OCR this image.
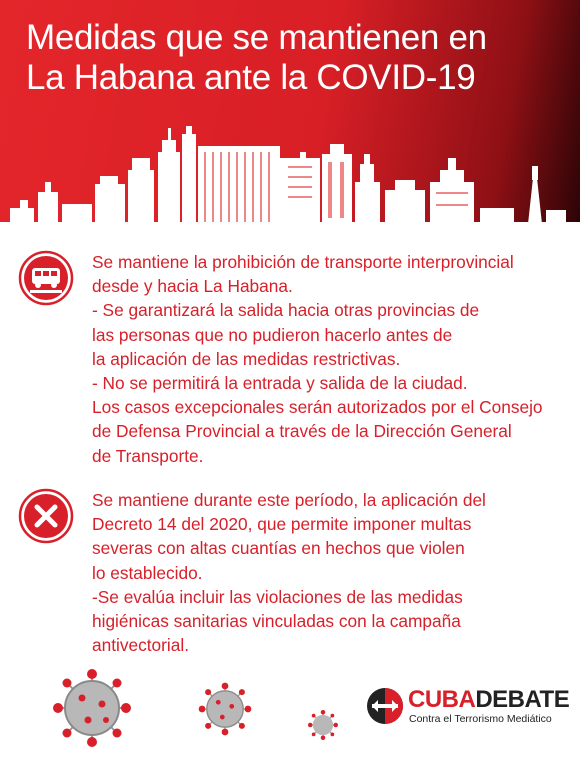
Medidas que se mantienen en
La Habana ante la COVID-19
Se mantiene la prohibición de transporte interprovincial
desde y hacia La Habana.
- Se garantizará la salida hacia otras provincias de
las personas que no pudieron hacerlo antes de
la aplicación de las medidas restrictivas.
- No se permitirá la entrada y salida de la ciudad.
Los casos excepcionales serán autorizados por el Consejo
de Defensa Provincial a través de la Dirección General
de Transporte.
Se mantiene durante este período, la aplicación del
Decreto 14 del 2020, que permite imponer multas
severas con altas cuantías en hechos que violen
lo establecido.
-Se evalúa incluir las violaciones de las medidas
higiénicas sanitarias vinculadas con la campaña
antivectorial.
CUBADEBATE
Contra el Terrorismo Mediático
